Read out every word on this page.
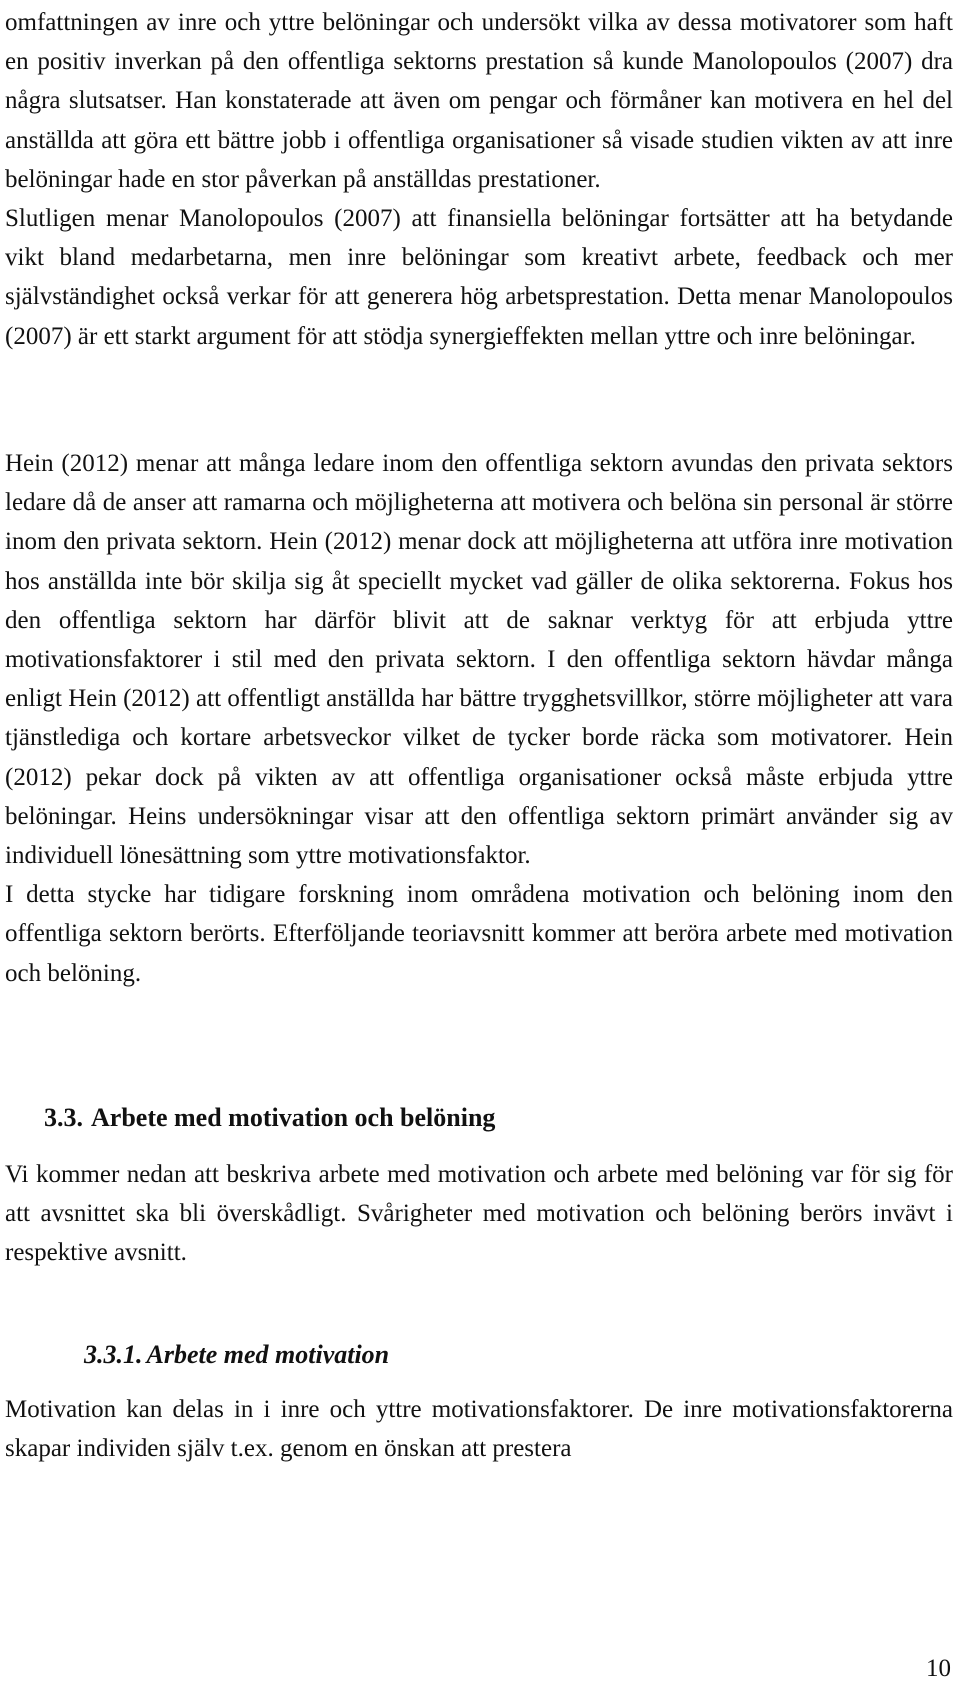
omfattningen av inre och yttre belöningar och undersökt vilka av dessa motivatorer som haft en positiv inverkan på den offentliga sektorns prestation så kunde Manolopoulos (2007) dra några slutsatser. Han konstaterade att även om pengar och förmåner kan motivera en hel del anställda att göra ett bättre jobb i offentliga organisationer så visade studien vikten av att inre belöningar hade en stor påverkan på anställdas prestationer.
Slutligen menar Manolopoulos (2007) att finansiella belöningar fortsätter att ha betydande vikt bland medarbetarna, men inre belöningar som kreativt arbete, feedback och mer självständighet också verkar för att generera hög arbetsprestation. Detta menar Manolopoulos (2007) är ett starkt argument för att stödja synergieffekten mellan yttre och inre belöningar.
Hein (2012) menar att många ledare inom den offentliga sektorn avundas den privata sektors ledare då de anser att ramarna och möjligheterna att motivera och belöna sin personal är större inom den privata sektorn. Hein (2012) menar dock att möjligheterna att utföra inre motivation hos anställda inte bör skilja sig åt speciellt mycket vad gäller de olika sektorerna. Fokus hos den offentliga sektorn har därför blivit att de saknar verktyg för att erbjuda yttre motivationsfaktorer i stil med den privata sektorn. I den offentliga sektorn hävdar många enligt Hein (2012) att offentligt anställda har bättre trygghetsvillkor, större möjligheter att vara tjänstlediga och kortare arbetsveckor vilket de tycker borde räcka som motivatorer. Hein (2012) pekar dock på vikten av att offentliga organisationer också måste erbjuda yttre belöningar. Heins undersökningar visar att den offentliga sektorn primärt använder sig av individuell lönesättning som yttre motivationsfaktor.
I detta stycke har tidigare forskning inom områdena motivation och belöning inom den offentliga sektorn berörts. Efterföljande teoriavsnitt kommer att beröra arbete med motivation och belöning.
3.3. Arbete med motivation och belöning
Vi kommer nedan att beskriva arbete med motivation och arbete med belöning var för sig för att avsnittet ska bli överskådligt. Svårigheter med motivation och belöning berörs invävt i respektive avsnitt.
3.3.1. Arbete med motivation
Motivation kan delas in i inre och yttre motivationsfaktorer. De inre motivationsfaktorerna skapar individen själv t.ex. genom en önskan att prestera
10
